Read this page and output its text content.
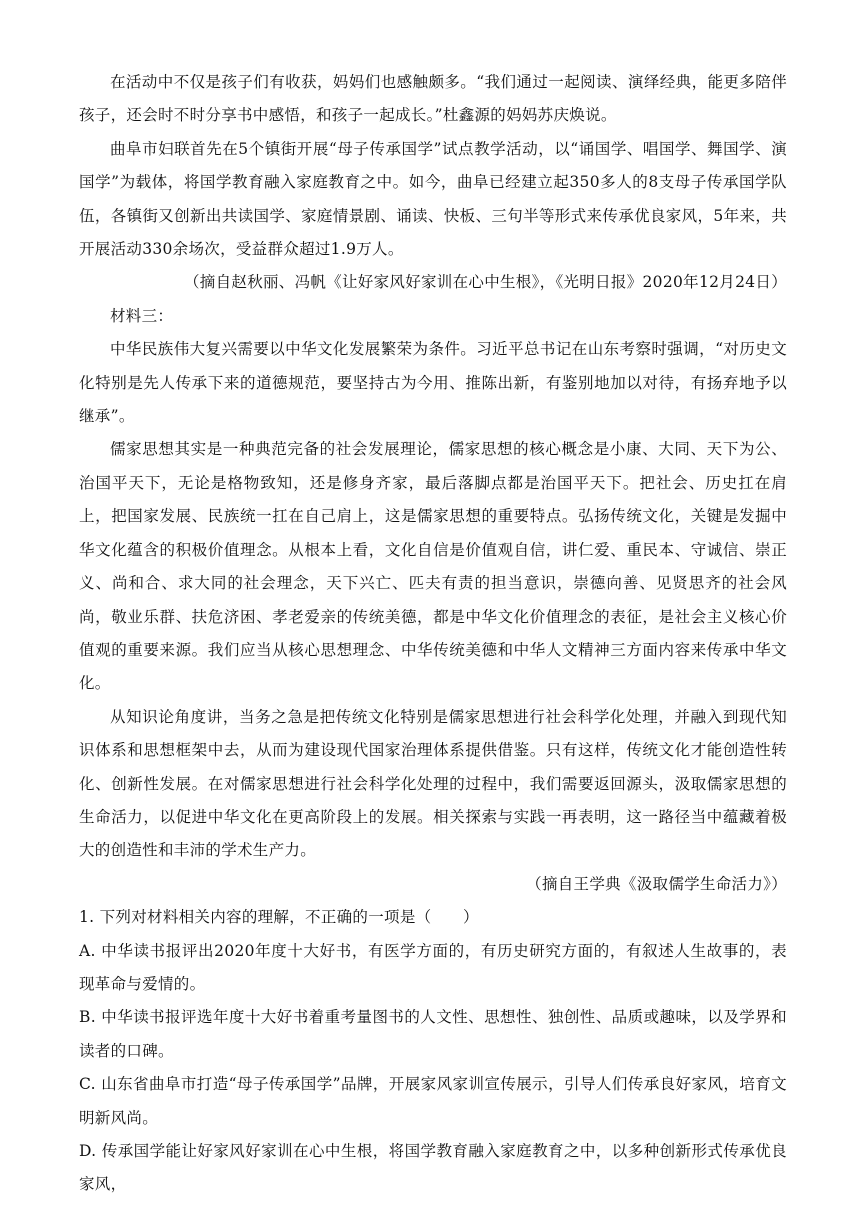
在活动中不仅是孩子们有收获，妈妈们也感触颇多。“我们通过一起阅读、演绎经典，能更多陪伴孩子，还会时不时分享书中感悟，和孩子一起成长。”杜鑫源的妈妈苏庆焕说。

曲阜市妇联首先在5个镇街开展“母子传承国学”试点教学活动，以“诵国学、唱国学、舞国学、演国学”为载体，将国学教育融入家庭教育之中。如今，曲阜已经建立起350多人的8支母子传承国学队伍，各镇街又创新出共读国学、家庭情景剧、诵读、快板、三句半等形式来传承优良家风，5年来，共开展活动330余场次，受益群众超过1.9万人。

（摘自赵秋丽、冯帆《让好家风好家训在心中生根》，《光明日报》2020年12月24日）

材料三：

中华民族伟大复兴需要以中华文化发展繁荣为条件。习近平总书记在山东考察时强调，“对历史文化特别是先人传承下来的道德规范，要坚持古为今用、推陈出新，有鉴别地加以对待，有扬弃地予以继承”。

儒家思想其实是一种典范完备的社会发展理论，儒家思想的核心概念是小康、大同、天下为公、治国平天下，无论是格物致知，还是修身齐家，最后落脚点都是治国平天下。把社会、历史扛在肩上，把国家发展、民族统一扛在自己肩上，这是儒家思想的重要特点。弘扬传统文化，关键是发掘中华文化蕴含的积极价值理念。从根本上看，文化自信是价值观自信，讲仁爱、重民本、守诚信、崇正义、尚和合、求大同的社会理念，天下兴亡、匹夫有责的担当意识，崇德向善、见贤思齐的社会风尚，敬业乐群、扶危济困、孝老爱亲的传统美德，都是中华文化价值理念的表征，是社会主义核心价值观的重要来源。我们应当从核心思想理念、中华传统美德和中华人文精神三方面内容来传承中华文化。

从知识论角度讲，当务之急是把传统文化特别是儒家思想进行社会科学化处理，并融入到现代知识体系和思想框架中去，从而为建设现代国家治理体系提供借鉴。只有这样，传统文化才能创造性转化、创新性发展。在对儒家思想进行社会科学化处理的过程中，我们需要返回源头，汲取儒家思想的生命活力，以促进中华文化在更高阶段上的发展。相关探索与实践一再表明，这一路径当中蕴藏着极大的创造性和丰沛的学术生产力。

（摘自王学典《汲取儒学生命活力》）

1. 下列对材料相关内容的理解，不正确的一项是（　　）

A. 中华读书报评出2020年度十大好书，有医学方面的，有历史研究方面的，有叙述人生故事的，表现革命与爱情的。

B. 中华读书报评选年度十大好书着重考量图书的人文性、思想性、独创性、品质或趣味，以及学界和读者的口碑。

C. 山东省曲阜市打造“母子传承国学”品牌，开展家风家训宣传展示，引导人们传承良好家风，培育文明新风尚。

D. 传承国学能让好家风好家训在心中生根，将国学教育融入家庭教育之中，以多种创新形式传承优良家风，
